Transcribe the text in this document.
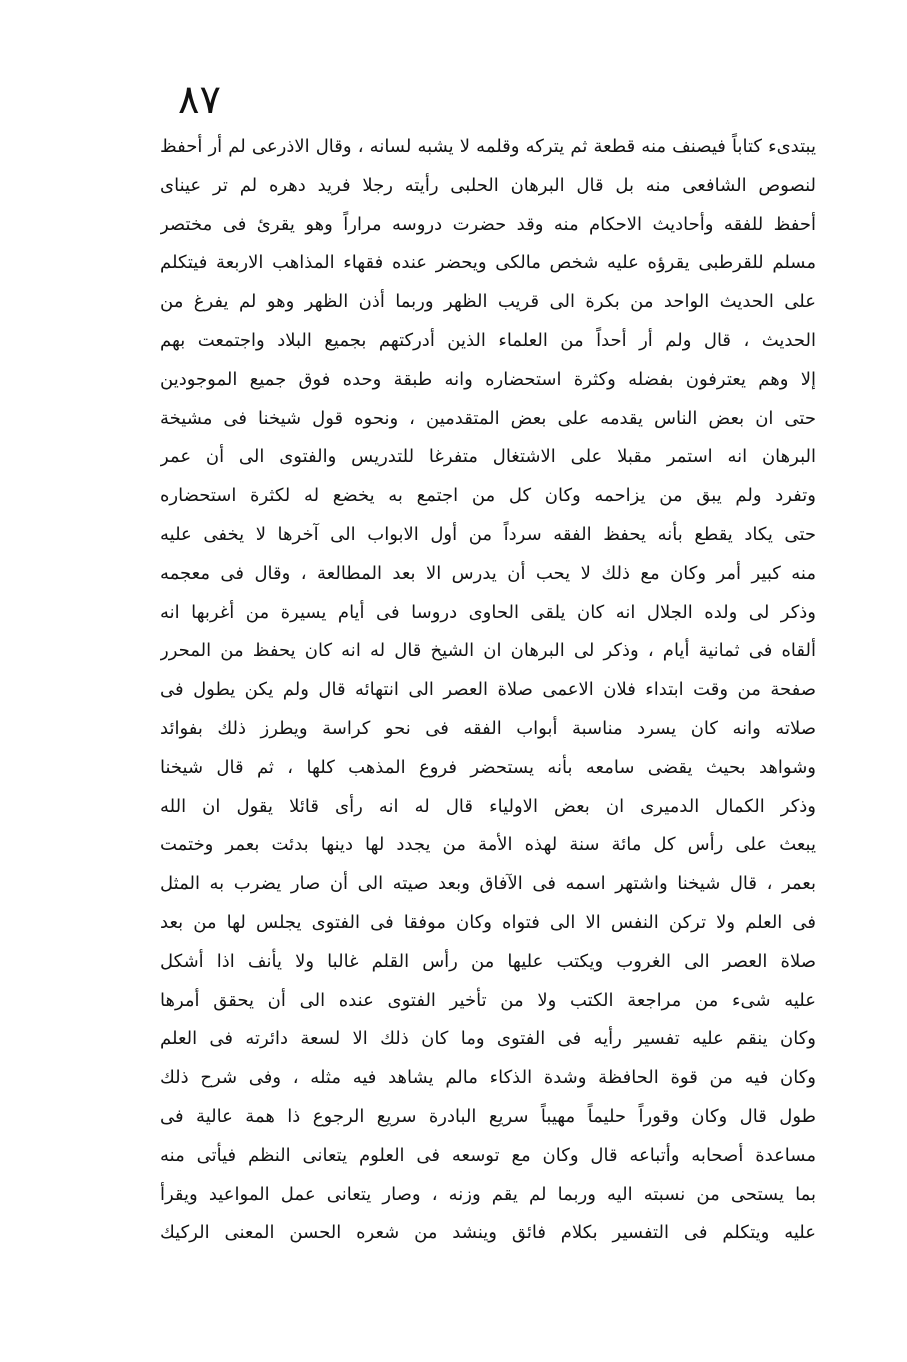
٨٧
يبتدىء كتاباً فيصنف منه قطعة ثم يتركه وقلمه لا يشبه لسانه ، وقال الاذرعى لم أر أحفظ
لنصوص الشافعى منه بل قال البرهان الحلبى رأيته رجلا فريد دهره لم تر عيناى
أحفظ للفقه وأحاديث الاحكام منه وقد حضرت دروسه مراراً وهو يقرئ فى مختصر
مسلم للقرطبى يقرؤه عليه شخص مالكى ويحضر عنده فقهاء المذاهب الاربعة فيتكلم
على الحديث الواحد من بكرة الى قريب الظهر وربما أذن الظهر وهو لم يفرغ من
الحديث ، قال ولم أر أحداً من العلماء الذين أدركتهم بجميع البلاد واجتمعت بهم
إلا وهم يعترفون بفضله وكثرة استحضاره وانه طبقة وحده فوق جميع الموجودين
حتى ان بعض الناس يقدمه على بعض المتقدمين ، ونحوه قول شيخنا فى مشيخة
البرهان انه استمر مقبلا على الاشتغال متفرغا للتدريس والفتوى الى أن عمر
وتفرد ولم يبق من يزاحمه وكان كل من اجتمع به يخضع له لكثرة استحضاره
حتى يكاد يقطع بأنه يحفظ الفقه سرداً من أول الابواب الى آخرها لا يخفى عليه
منه كبير أمر وكان مع ذلك لا يحب أن يدرس الا بعد المطالعة ، وقال فى معجمه
وذكر لى ولده الجلال انه كان يلقى الحاوى دروسا فى أيام يسيرة من أغربها انه
ألقاه فى ثمانية أيام ، وذكر لى البرهان ان الشيخ قال له انه كان يحفظ من المحرر
صفحة من وقت ابتداء فلان الاعمى صلاة العصر الى انتهائه قال ولم يكن يطول فى
صلاته وانه كان يسرد مناسبة أبواب الفقه فى نحو كراسة ويطرز ذلك بفوائد
وشواهد بحيث يقضى سامعه بأنه يستحضر فروع المذهب كلها ، ثم قال شيخنا
وذكر الكمال الدميرى ان بعض الاولياء قال له انه رأى قائلا يقول ان الله
يبعث على رأس كل مائة سنة لهذه الأمة من يجدد لها دينها بدئت بعمر وختمت
بعمر ، قال شيخنا واشتهر اسمه فى الآفاق وبعد صيته الى أن صار يضرب به المثل
فى العلم ولا تركن النفس الا الى فتواه وكان موفقا فى الفتوى يجلس لها من بعد
صلاة العصر الى الغروب ويكتب عليها من رأس القلم غالبا ولا يأنف اذا أشكل
عليه شىء من مراجعة الكتب ولا من تأخير الفتوى عنده الى أن يحقق أمرها
وكان ينقم عليه تفسير رأيه فى الفتوى وما كان ذلك الا لسعة دائرته فى العلم
وكان فيه من قوة الحافظة وشدة الذكاء مالم يشاهد فيه مثله ، وفى شرح ذلك
طول قال وكان وقوراً حليماً مهيباً سريع البادرة سريع الرجوع ذا همة عالية فى
مساعدة أصحابه وأتباعه قال وكان مع توسعه فى العلوم يتعانى النظم فيأتى منه
بما يستحى من نسبته اليه وربما لم يقم وزنه ، وصار يتعانى عمل المواعيد ويقرأ
عليه ويتكلم فى التفسير بكلام فائق وينشد من شعره الحسن المعنى الركيك
